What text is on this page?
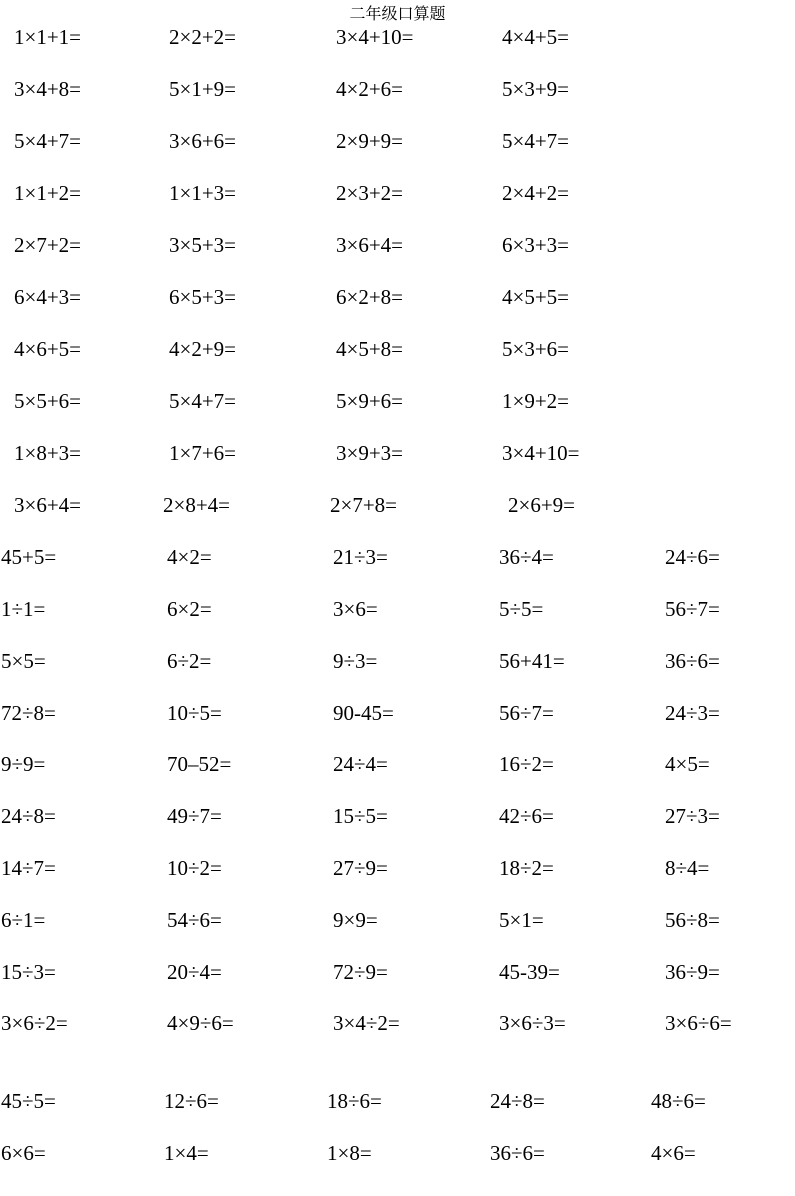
二年级口算题
1×1+1=	2×2+2=	3×4+10=	4×4+5=
3×4+8=	5×1+9=	4×2+6=	5×3+9=
5×4+7=	3×6+6=	2×9+9=	5×4+7=
1×1+2=	1×1+3=	2×3+2=	2×4+2=
2×7+2=	3×5+3=	3×6+4=	6×3+3=
6×4+3=	6×5+3=	6×2+8=	4×5+5=
4×6+5=	4×2+9=	4×5+8=	5×3+6=
5×5+6=	5×4+7=	5×9+6=	1×9+2=
1×8+3=	1×7+6=	3×9+3=	3×4+10=
3×6+4=	2×8+4=	2×7+8=	2×6+9=
45+5=	4×2=	21÷3=	36÷4=	24÷6=
1÷1=	6×2=	3×6=	5÷5=	56÷7=
5×5=	6÷2=	9÷3=	56+41=	36÷6=
72÷8=	10÷5=	90-45=	56÷7=	24÷3=
9÷9=	70–52=	24÷4=	16÷2=	4×5=
24÷8=	49÷7=	15÷5=	42÷6=	27÷3=
14÷7=	10÷2=	27÷9=	18÷2=	8÷4=
6÷1=	54÷6=	9×9=	5×1=	56÷8=
15÷3=	20÷4=	72÷9=	45-39=	36÷9=
3×6÷2=	4×9÷6=	3×4÷2=	3×6÷3=	3×6÷6=
45÷5=	12÷6=	18÷6=	24÷8=	48÷6=
6×6=	1×4=	1×8=	36÷6=	4×6=
